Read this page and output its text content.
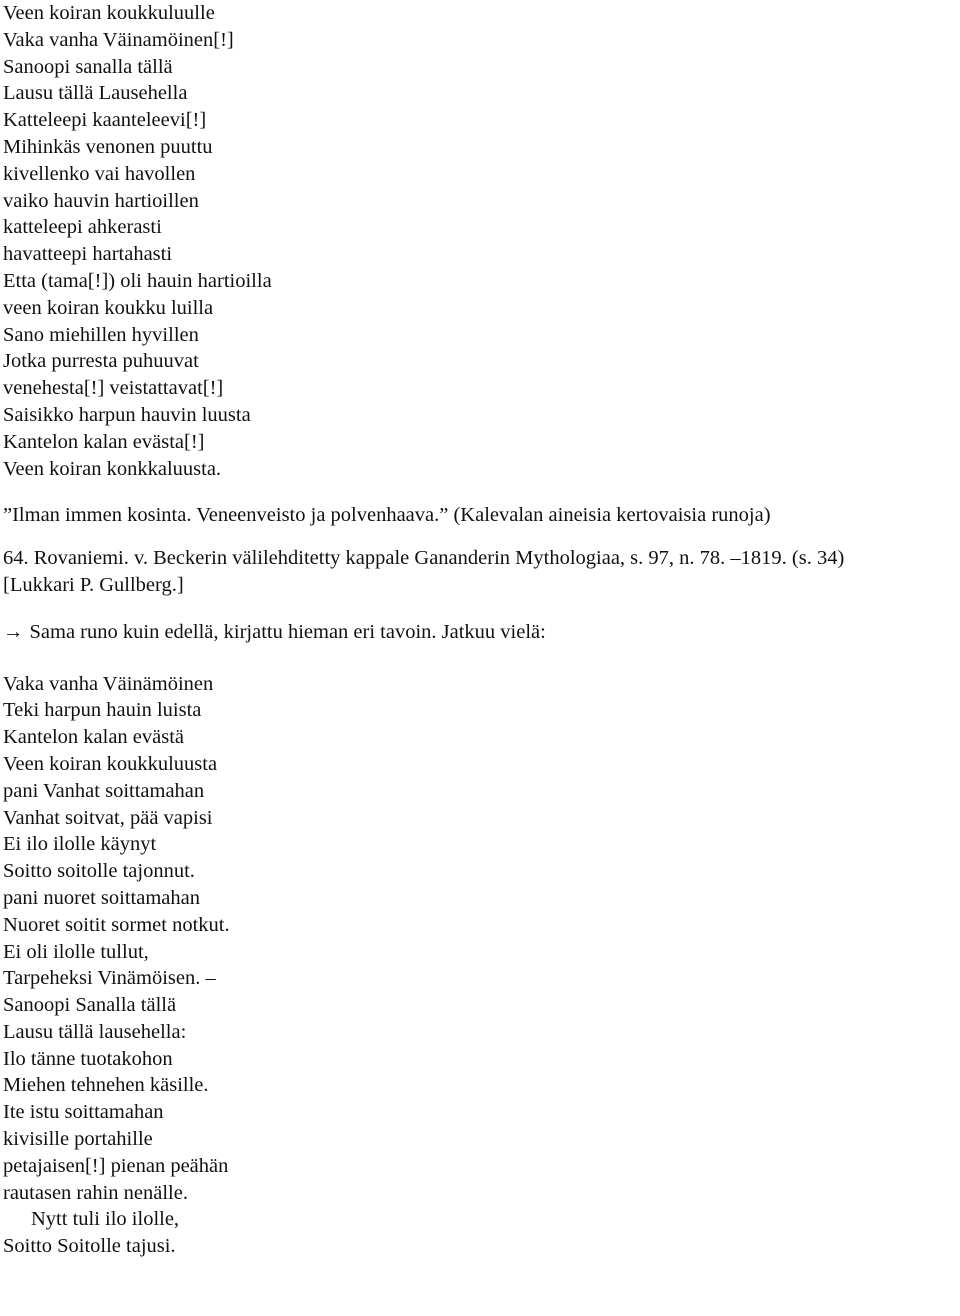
Veen koiran koukkuluulle
Vaka vanha Väinamöinen[!]
Sanoopi sanalla tällä
Lausu tällä Lausehella
Katteleepi kaanteleevi[!]
Mihinkäs venonen puuttu
kivellenko vai havollen
vaiko hauvin hartioillen
katteleepi ahkerasti
havatteepi hartahasti
Etta (tama[!]) oli hauin hartioilla
veen koiran koukku luilla
Sano miehillen hyvillen
Jotka purresta puhuuvat
venehesta[!] veistattavat[!]
Saisikko harpun hauvin luusta
Kantelon kalan evästa[!]
Veen koiran konkkaluusta.
”Ilman immen kosinta. Veneenveisto ja polvenhaava.” (Kalevalan aineisia kertovaisia runoja)
64. Rovaniemi. v. Beckerin välilehditetty kappale Gananderin Mythologiaa, s. 97, n. 78. –1819. (s. 34)
[Lukkari P. Gullberg.]
→ Sama runo kuin edellä, kirjattu hieman eri tavoin. Jatkuu vielä:
Vaka vanha Väinämöinen
Teki harpun hauin luista
Kantelon kalan evästä
Veen koiran koukkuluusta
pani Vanhat soittamahan
Vanhat soitvat, pää vapisi
Ei ilo ilolle käynyt
Soitto soitolle tajonnut.
pani nuoret soittamahan
Nuoret soitit sormet notkut.
Ei oli ilolle tullut,
Tarpeheksi Vinämöisen. –
Sanoopi Sanalla tällä
Lausu tällä lausehella:
Ilo tänne tuotakohon
Miehen tehnehen käsille.
Ite istu soittamahan
kivisille portahille
petajaisen[!] pienan peähän
rautasen rahin nenälle.
Nytt tuli ilo ilolle,
Soitto Soitolle tajusi.
